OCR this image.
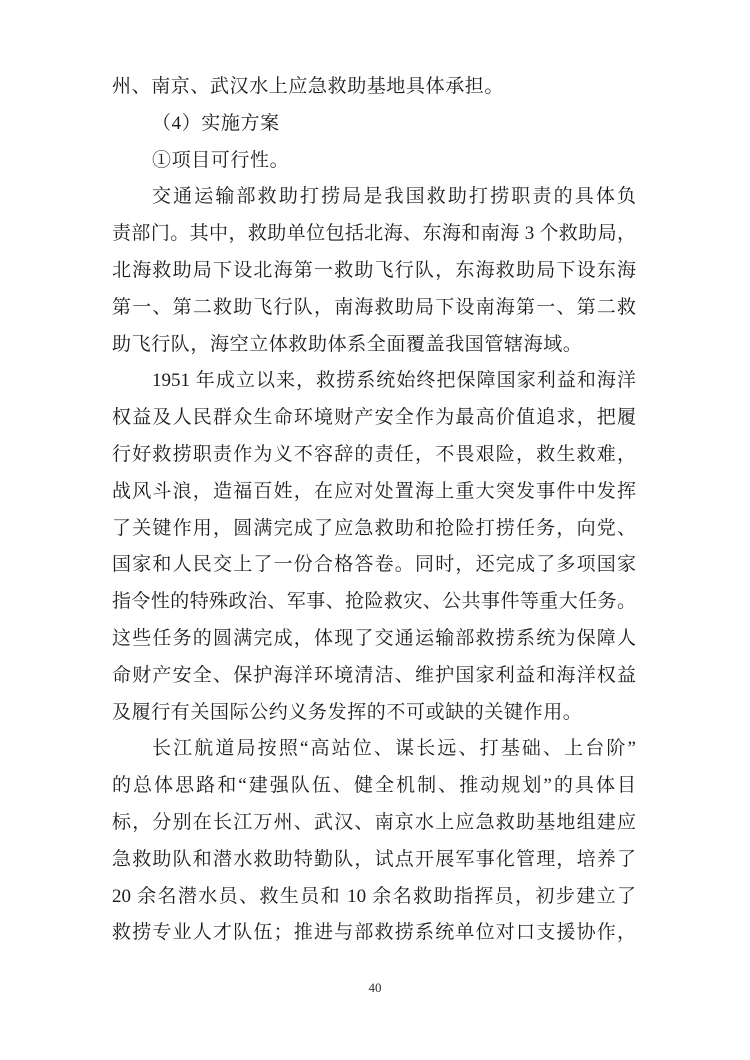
州、南京、武汉水上应急救助基地具体承担。
（4）实施方案
①项目可行性。
交通运输部救助打捞局是我国救助打捞职责的具体负
责部门。其中，救助单位包括北海、东海和南海 3 个救助局，
北海救助局下设北海第一救助飞行队，东海救助局下设东海
第一、第二救助飞行队，南海救助局下设南海第一、第二救
助飞行队，海空立体救助体系全面覆盖我国管辖海域。
1951 年成立以来，救捞系统始终把保障国家利益和海洋
权益及人民群众生命环境财产安全作为最高价值追求，把履
行好救捞职责作为义不容辞的责任，不畏艰险，救生救难，
战风斗浪，造福百姓，在应对处置海上重大突发事件中发挥
了关键作用，圆满完成了应急救助和抢险打捞任务，向党、
国家和人民交上了一份合格答卷。同时，还完成了多项国家
指令性的特殊政治、军事、抢险救灾、公共事件等重大任务。
这些任务的圆满完成，体现了交通运输部救捞系统为保障人
命财产安全、保护海洋环境清洁、维护国家利益和海洋权益
及履行有关国际公约义务发挥的不可或缺的关键作用。
长江航道局按照“高站位、谋长远、打基础、上台阶”
的总体思路和“建强队伍、健全机制、推动规划”的具体目
标，分别在长江万州、武汉、南京水上应急救助基地组建应
急救助队和潜水救助特勤队，试点开展军事化管理，培养了
20 余名潜水员、救生员和 10 余名救助指挥员，初步建立了
救捞专业人才队伍；推进与部救捞系统单位对口支援协作，
40
